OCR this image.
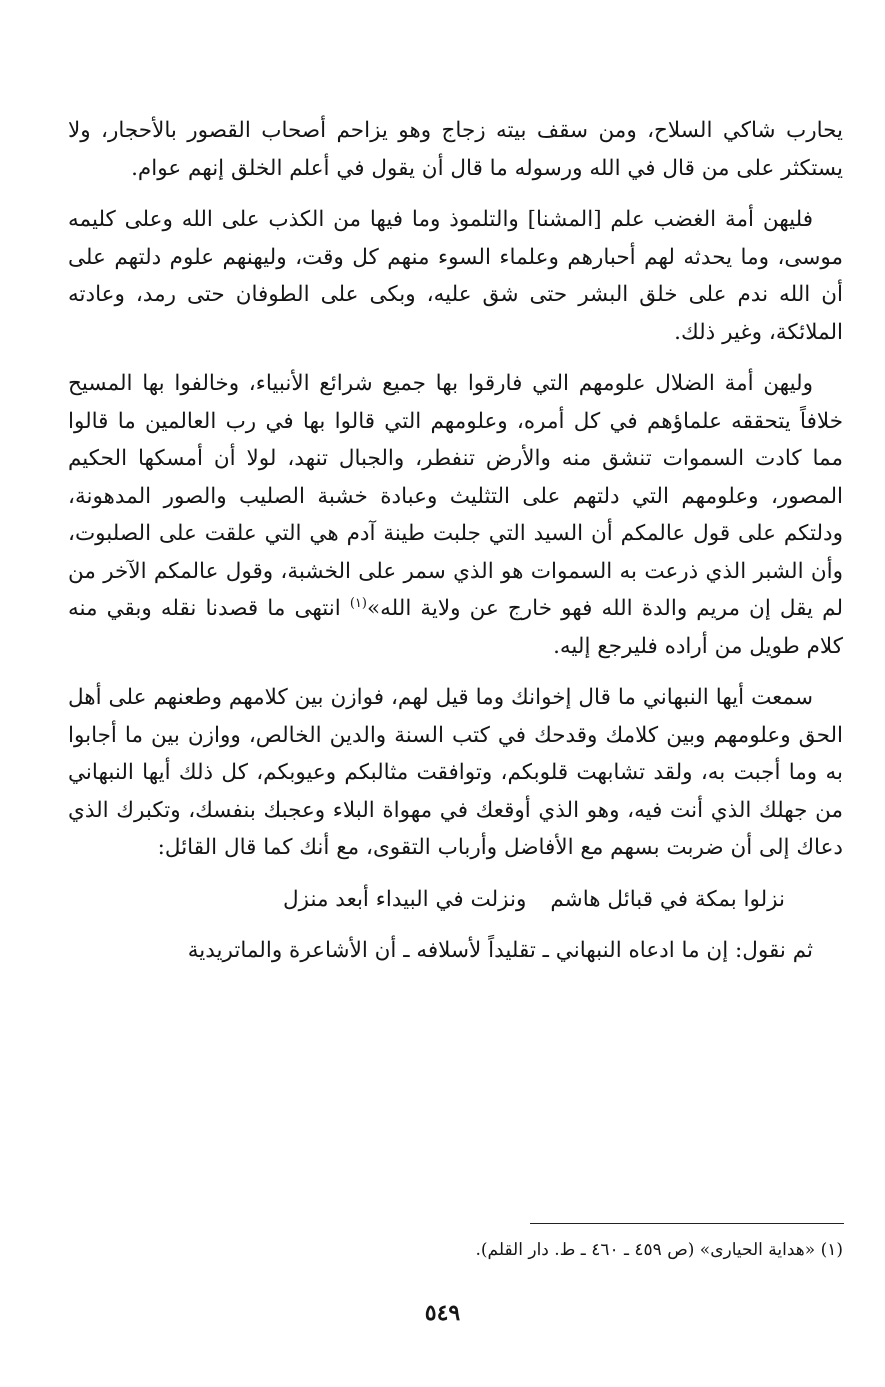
يحارب شاكي السلاح، ومن سقف بيته زجاج وهو يزاحم أصحاب القصور بالأحجار، ولا يستكثر على من قال في الله ورسوله ما قال أن يقول في أعلم الخلق إنهم عوام.

فليهن أمة الغضب علم [المشنا] والتلموذ وما فيها من الكذب على الله وعلى كليمه موسى، وما يحدثه لهم أحبارهم وعلماء السوء منهم كل وقت، وليهنهم علوم دلتهم على أن الله ندم على خلق البشر حتى شق عليه، وبكى على الطوفان حتى رمد، وعادته الملائكة، وغير ذلك.

وليهن أمة الضلال علومهم التي فارقوا بها جميع شرائع الأنبياء، وخالفوا بها المسيح خلافاً يتحققه علماؤهم في كل أمره، وعلومهم التي قالوا بها في رب العالمين ما قالوا مما كادت السموات تنشق منه والأرض تنفطر، والجبال تنهد، لولا أن أمسكها الحكيم المصور، وعلومهم التي دلتهم على التثليث وعبادة خشبة الصليب والصور المدهونة، ودلتكم على قول عالمكم أن السيد التي جلبت طينة آدم هي التي علقت على الصلبوت، وأن الشبر الذي ذرعت به السموات هو الذي سمر على الخشبة، وقول عالمكم الآخر من لم يقل إن مريم والدة الله فهو خارج عن ولاية الله»$^{(١)}$ انتهى ما قصدنا نقله وبقي منه كلام طويل من أراده فليرجع إليه.

سمعت أيها النبهاني ما قال إخوانك وما قيل لهم، فوازن بين كلامهم وطعنهم على أهل الحق وعلومهم وبين كلامك وقدحك في كتب السنة والدين الخالص، ووازن بين ما أجابوا به وما أجبت به، ولقد تشابهت قلوبكم، وتوافقت مثالبكم وعيوبكم، كل ذلك أيها النبهاني من جهلك الذي أنت فيه، وهو الذي أوقعك في مهواة البلاء وعجبك بنفسك، وتكبرك الذي دعاك إلى أن ضربت بسهم مع الأفاضل وأرباب التقوى، مع أنك كما قال القائل:

نزلوا بمكة في قبائل هاشم
ونزلت في البيداء أبعد منزل

ثم نقول: إن ما ادعاه النبهاني ـ تقليداً لأسلافه ـ أن الأشاعرة والماتريدية

(١) «هداية الحيارى» (ص ٤٥٩ ـ ٤٦٠ ـ ط. دار القلم).
٥٤٩
